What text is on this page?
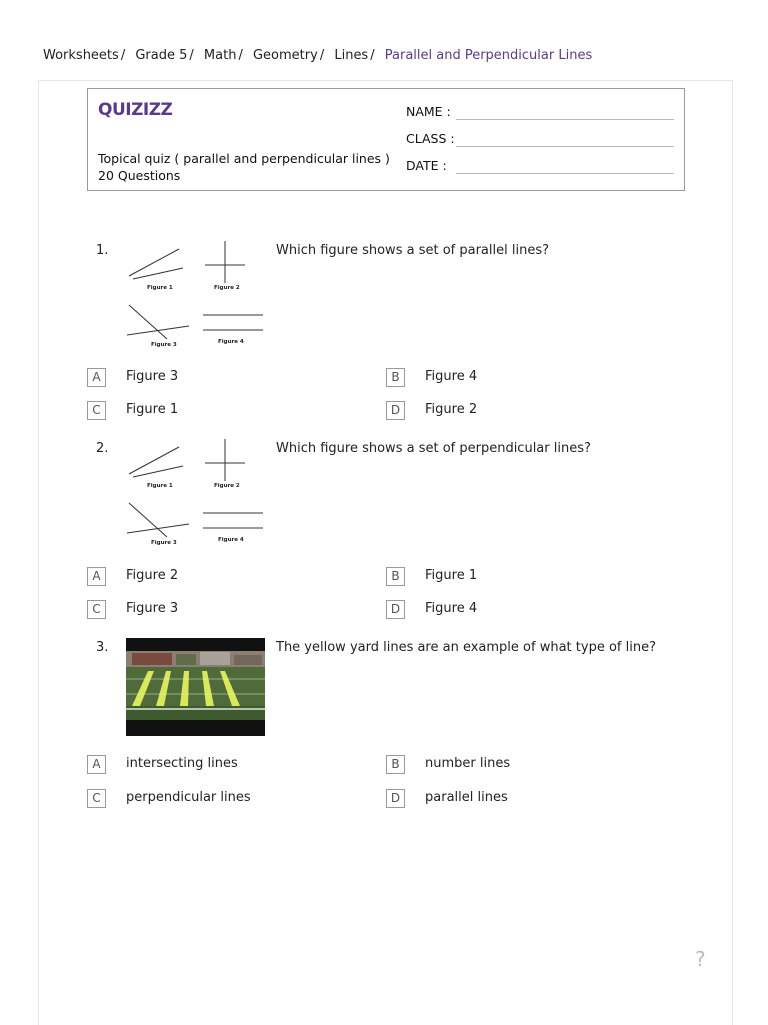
Worksheets / Grade 5 / Math / Geometry / Lines / Parallel and Perpendicular Lines
QUIZIZZ
Topical quiz ( parallel and perpendicular lines )
20 Questions
NAME :
CLASS :
DATE :
1.
Figure 1	Figure 2
Figure 3	Figure 4
Which figure shows a set of parallel lines?
A	Figure 3	B	Figure 4
C	Figure 1	D	Figure 2
2.
Figure 1	Figure 2
Figure 3	Figure 4
Which figure shows a set of perpendicular lines?
A	Figure 2	B	Figure 1
C	Figure 3	D	Figure 4
3.	The yellow yard lines are an example of what type of line?
A	intersecting lines	B	number lines
C	perpendicular lines	D	parallel lines
?
